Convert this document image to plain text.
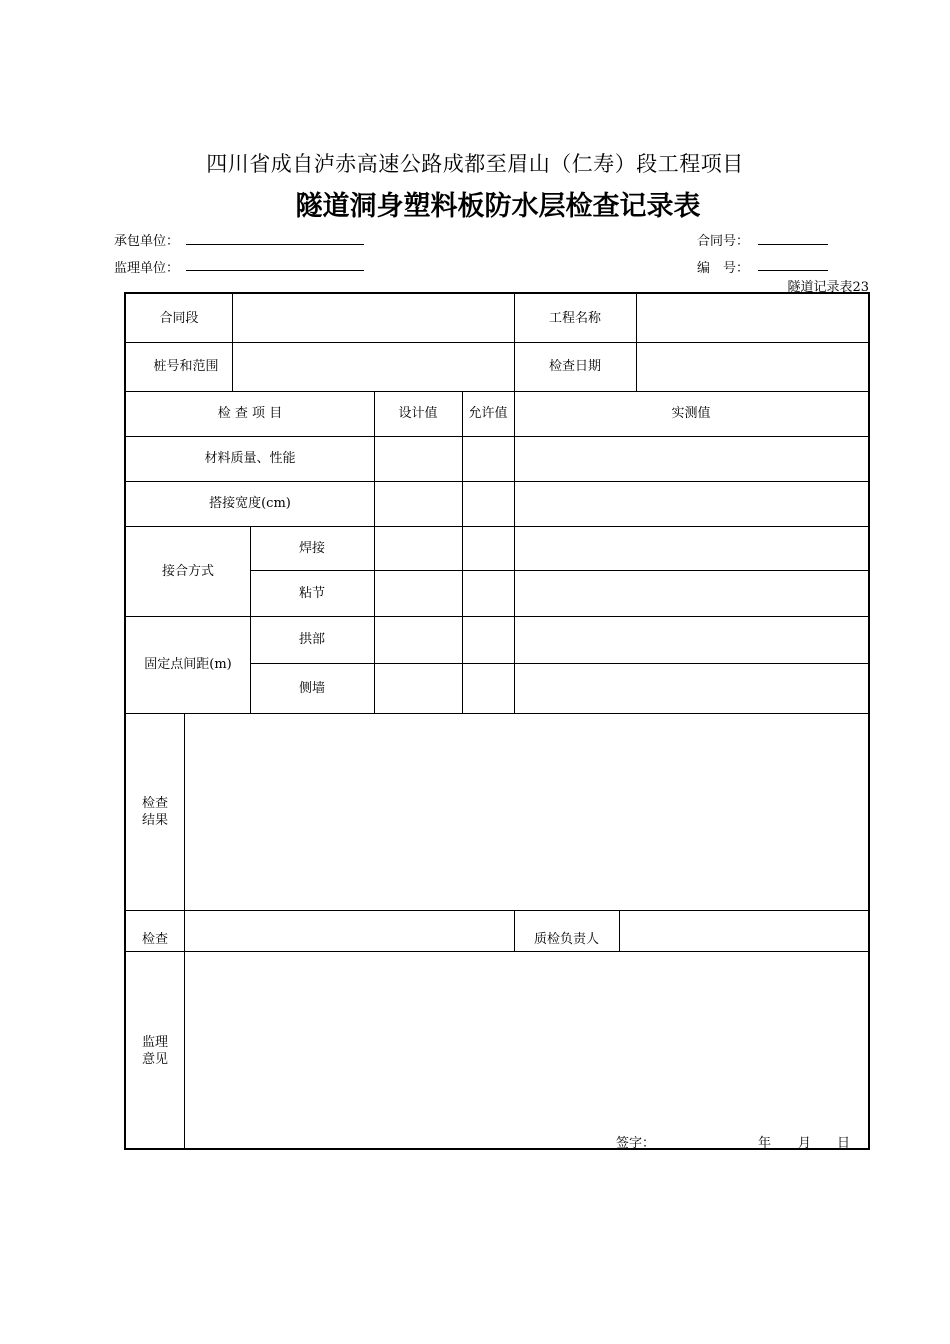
四川省成自泸赤高速公路成都至眉山（仁寿）段工程项目
隧道洞身塑料板防水层检查记录表
承包单位：
监理单位：
合同号：
编　号：
隧道记录表23
合同段	工程名称
桩号和范围	检查日期
检 查 项 目	设计值	允许值	实测值
材料质量、性能
搭接宽度(cm)
接合方式
焊接
粘节
固定点间距(m)
拱部
侧墙
检查结果
检查	质检负责人
监理意见
签字：	年 月 日
